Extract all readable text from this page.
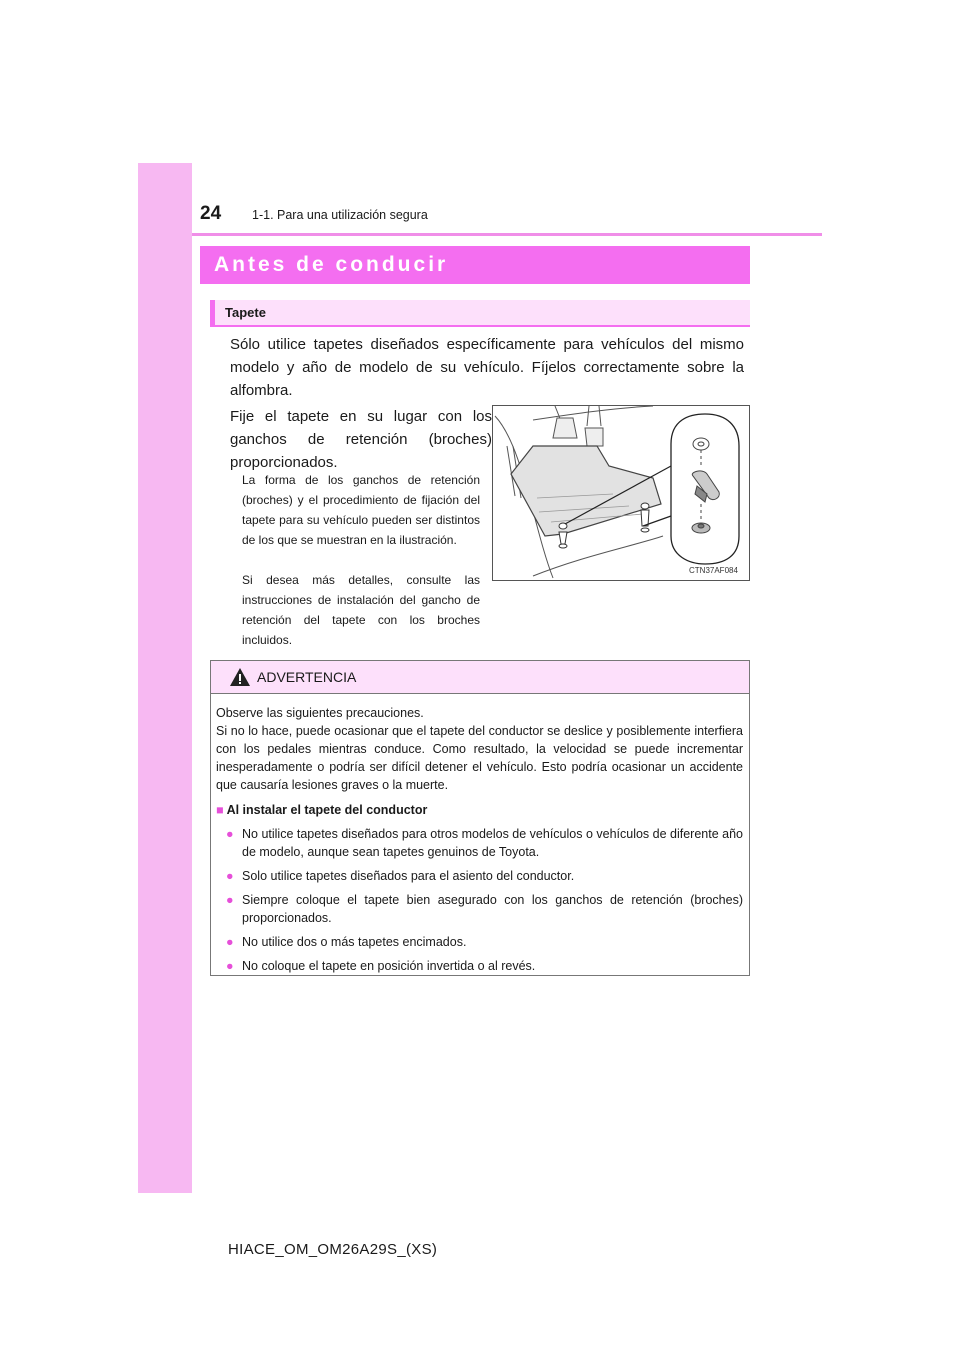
24 1-1. Para una utilización segura
Antes de conducir
Tapete

Sólo utilice tapetes diseñados específicamente para vehículos del mismo modelo y año de modelo de su vehículo. Fíjelos correctamente sobre la alfombra.

Fije el tapete en su lugar con los ganchos de retención (broches) proporcionados.

La forma de los ganchos de retención (broches) y el procedimiento de fijación del tapete para su vehículo pueden ser distintos de los que se muestran en la ilustración.

Si desea más detalles, consulte las instrucciones de instalación del gancho de retención del tapete con los broches incluidos.

CTN37AF084
ADVERTENCIA

Observe las siguientes precauciones.

Si no lo hace, puede ocasionar que el tapete del conductor se deslice y posiblemente interfiera con los pedales mientras conduce. Como resultado, la velocidad se puede incrementar inesperadamente o podría ser difícil detener el vehículo. Esto podría ocasionar un accidente que causaría lesiones graves o la muerte.

■ Al instalar el tapete del conductor

● No utilice tapetes diseñados para otros modelos de vehículos o vehículos de diferente año de modelo, aunque sean tapetes genuinos de Toyota.

● Solo utilice tapetes diseñados para el asiento del conductor.

● Siempre coloque el tapete bien asegurado con los ganchos de retención (broches) proporcionados.

● No utilice dos o más tapetes encimados.

● No coloque el tapete en posición invertida o al revés.

HIACE_OM_OM26A29S_(XS)
